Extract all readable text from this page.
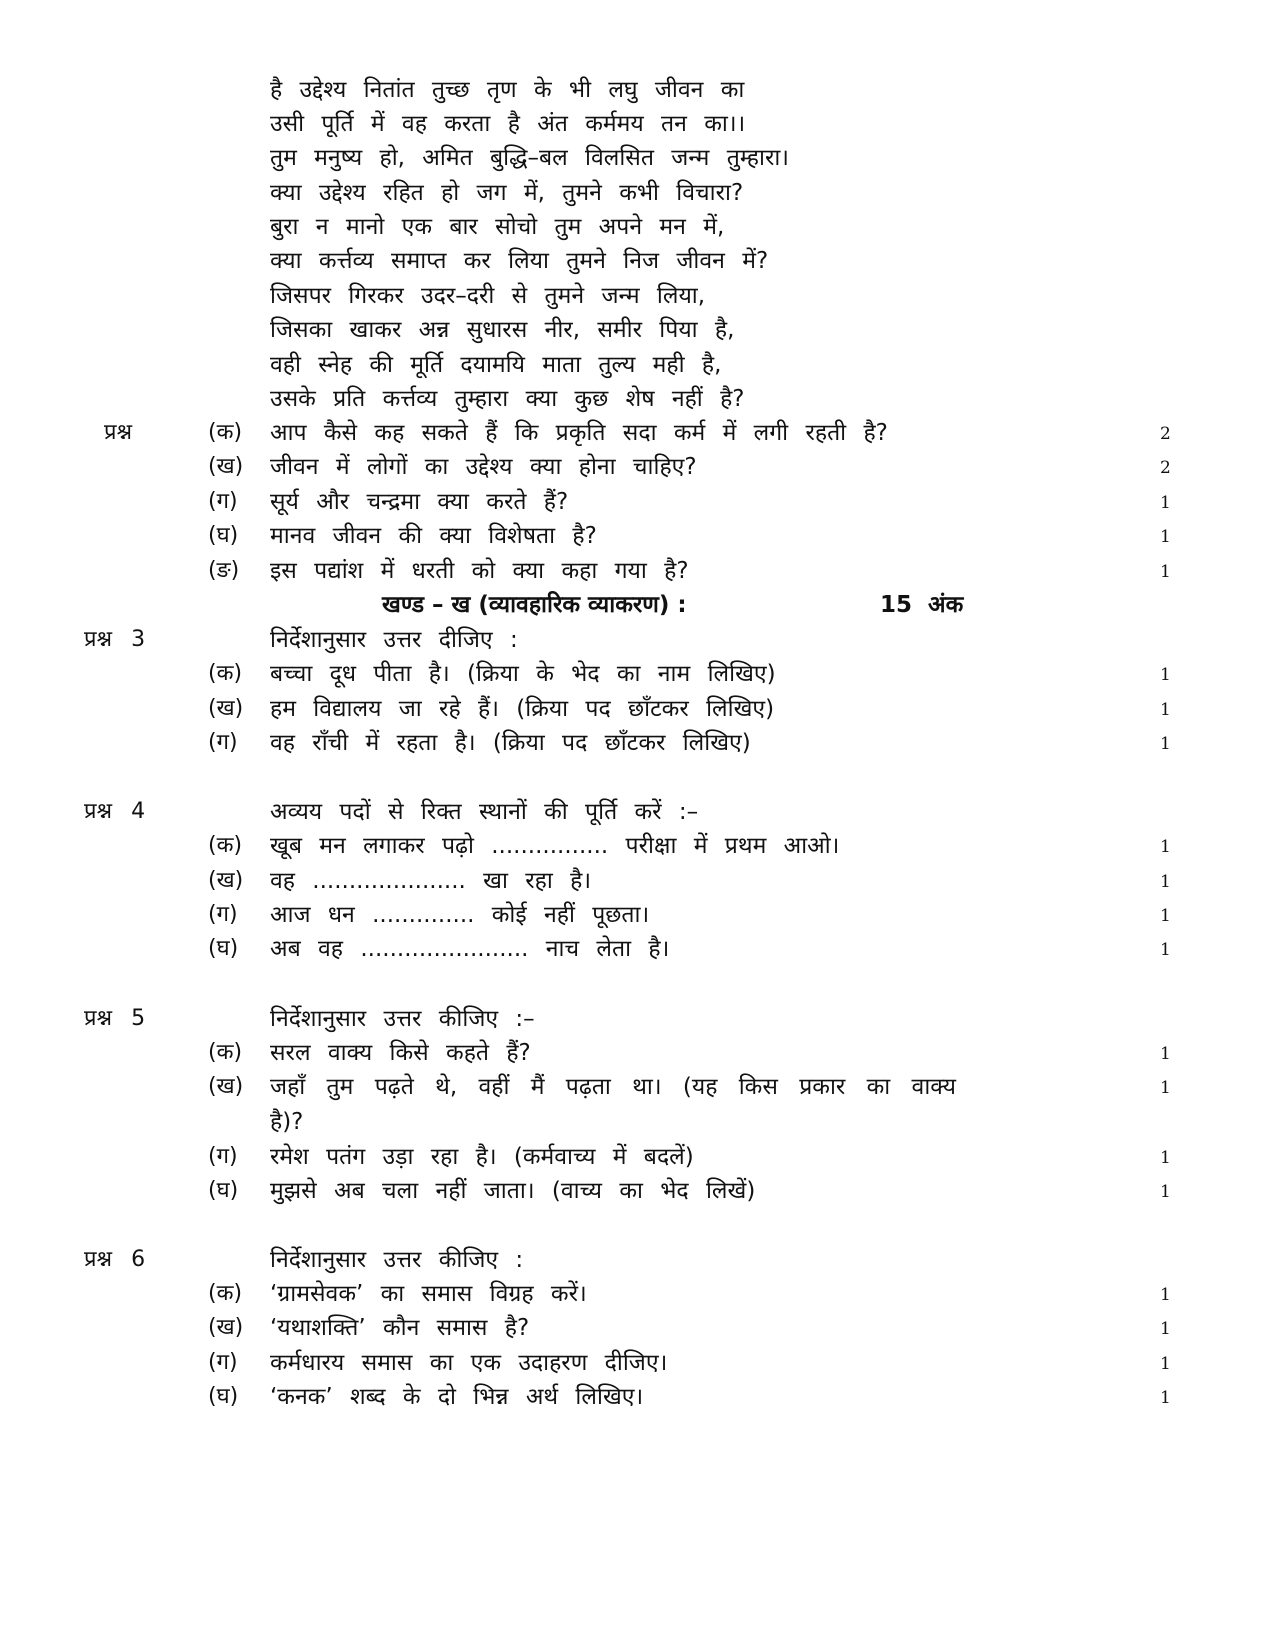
है उद्देश्य नितांत तुच्छ तृण के भी लघु जीवन का
उसी पूर्ति में वह करता है अंत कर्ममय तन का।।
तुम मनुष्य हो, अमित बुद्धि–बल विलसित जन्म तुम्हारा।
क्या उद्देश्य रहित हो जग में, तुमने कभी विचारा?
बुरा न मानो एक बार सोचो तुम अपने मन में,
क्या कर्त्तव्य समाप्त कर लिया तुमने निज जीवन में?
जिसपर गिरकर उदर–दरी से तुमने जन्म लिया,
जिसका खाकर अन्न सुधारस नीर, समीर पिया है,
वही स्नेह की मूर्ति दयामयि माता तुल्य मही है,
उसके प्रति कर्त्तव्य तुम्हारा क्या कुछ शेष नहीं है?
प्रश्न	(क) आप कैसे कह सकते हैं कि प्रकृति सदा कर्म में लगी रहती है?	2
(ख) जीवन में लोगों का उद्देश्य क्या होना चाहिए?	2
(ग) सूर्य और चन्द्रमा क्या करते हैं?	1
(घ) मानव जीवन की क्या विशेषता है?	1
(ङ) इस पद्यांश में धरती को क्या कहा गया है?	1
खण्ड – ख (व्यावहारिक व्याकरण) :	15 अंक
प्रश्न 3	निर्देशानुसार उत्तर दीजिए :
(क) बच्चा दूध पीता है। (क्रिया के भेद का नाम लिखिए)	1
(ख) हम विद्यालय जा रहे हैं। (क्रिया पद छाँटकर लिखिए)	1
(ग) वह राँची में रहता है। (क्रिया पद छाँटकर लिखिए)	1
प्रश्न 4	अव्यय पदों से रिक्त स्थानों की पूर्ति करें :–
(क) खूब मन लगाकर पढ़ो ................ परीक्षा में प्रथम आओ।	1
(ख) वह ..................... खा रहा है।	1
(ग) आज धन .............. कोई नहीं पूछता।	1
(घ) अब वह ....................... नाच लेता है।	1
प्रश्न 5	निर्देशानुसार उत्तर कीजिए :–
(क) सरल वाक्य किसे कहते हैं?	1
(ख) जहाँ तुम पढ़ते थे, वहीं मैं पढ़ता था। (यह किस प्रकार का वाक्य	1
है)?
(ग) रमेश पतंग उड़ा रहा है। (कर्मवाच्य में बदलें)	1
(घ) मुझसे अब चला नहीं जाता। (वाच्य का भेद लिखें)	1
प्रश्न 6	निर्देशानुसार उत्तर कीजिए :
(क) ‘ग्रामसेवक’ का समास विग्रह करें।	1
(ख) ‘यथाशक्ति’ कौन समास है?	1
(ग) कर्मधारय समास का एक उदाहरण दीजिए।	1
(घ) ‘कनक’ शब्द के दो भिन्न अर्थ लिखिए।	1
